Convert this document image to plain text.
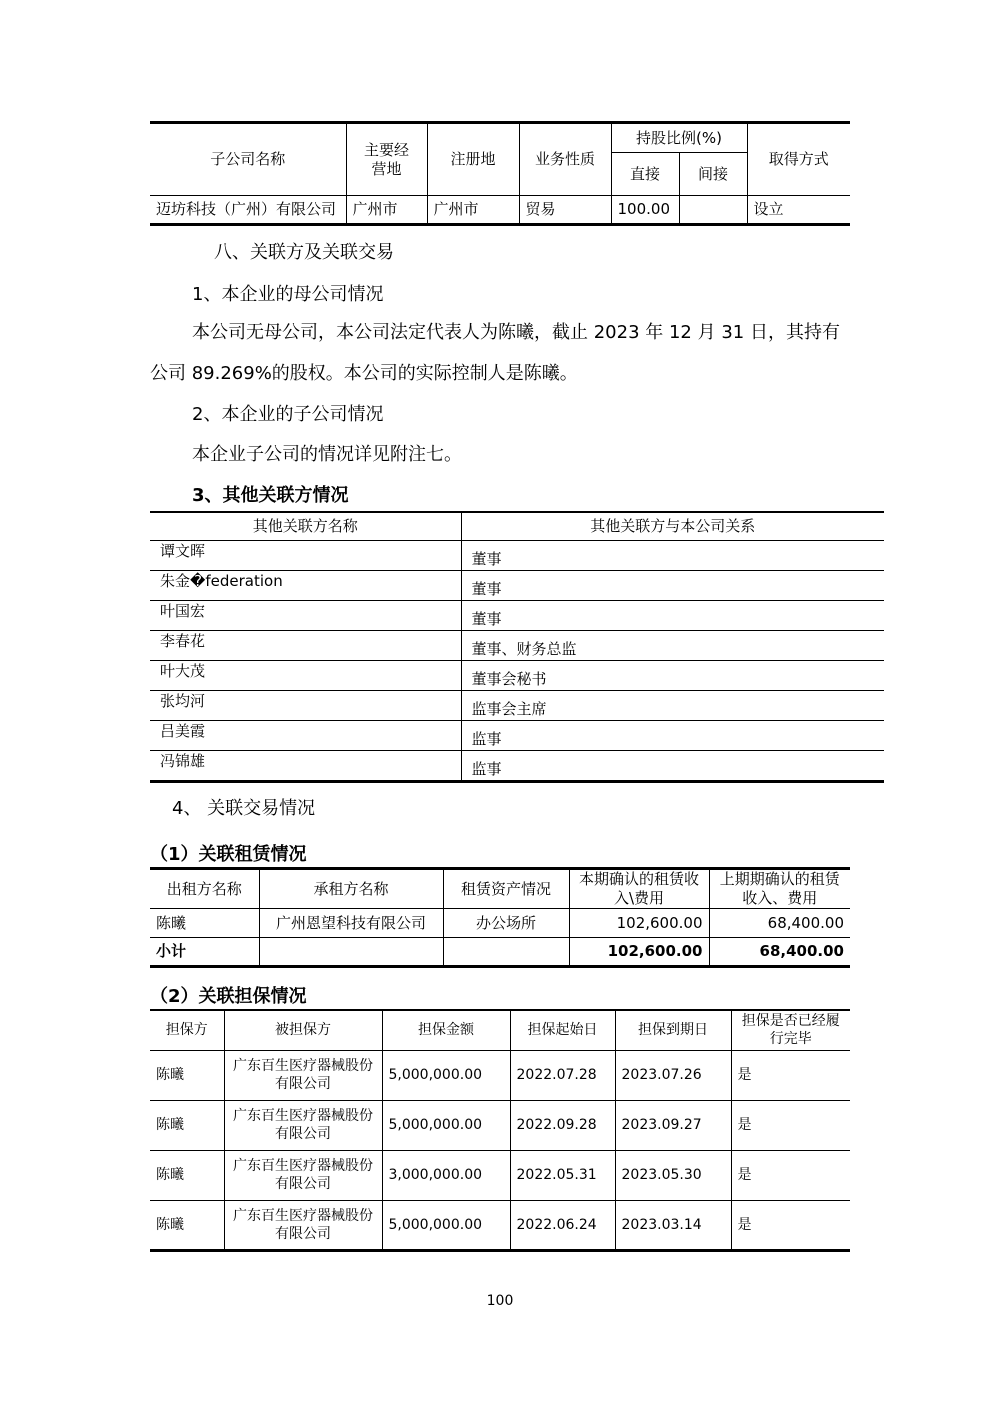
子公司名称	主要经营地	注册地	业务性质	持股比例(%)		取得方式
				直接	间接	
迈坊科技（广州）有限公司	广州市	广州市	贸易	100.00		设立
八、关联方及关联交易
1、本企业的母公司情况

本公司无母公司，本公司法定代表人为陈曦，截止 2023 年 12 月 31 日，其持有公司 89.269%的股权。本公司的实际控制人是陈曦。

2、本企业的子公司情况
本企业子公司的情况详见附注七。
3、其他关联方情况
其他关联方名称	其他关联方与本公司关系
谭文晖	董事
朱金�federation	董事
叶国宏	董事
李春花	董事、财务总监
叶大茂	董事会秘书
张均河	监事会主席
吕美霞	监事
冯锦雄	监事
4、 关联交易情况
（1）关联租赁情况
出租方名称	承租方名称	租赁资产情况	本期确认的租赁收入\费用	上期期确认的租赁收入、费用
陈曦	广州恩望科技有限公司	办公场所	102,600.00	68,400.00
小计			102,600.00	68,400.00
（2）关联担保情况
担保方	被担保方	担保金额	担保起始日	担保到期日	担保是否已经履行完毕
陈曦	广东百生医疗器械股份有限公司	5,000,000.00	2022.07.28	2023.07.26	是
陈曦	广东百生医疗器械股份有限公司	5,000,000.00	2022.09.28	2023.09.27	是
陈曦	广东百生医疗器械股份有限公司	3,000,000.00	2022.05.31	2023.05.30	是
陈曦	广东百生医疗器械股份有限公司	5,000,000.00	2022.06.24	2023.03.14	是
100
